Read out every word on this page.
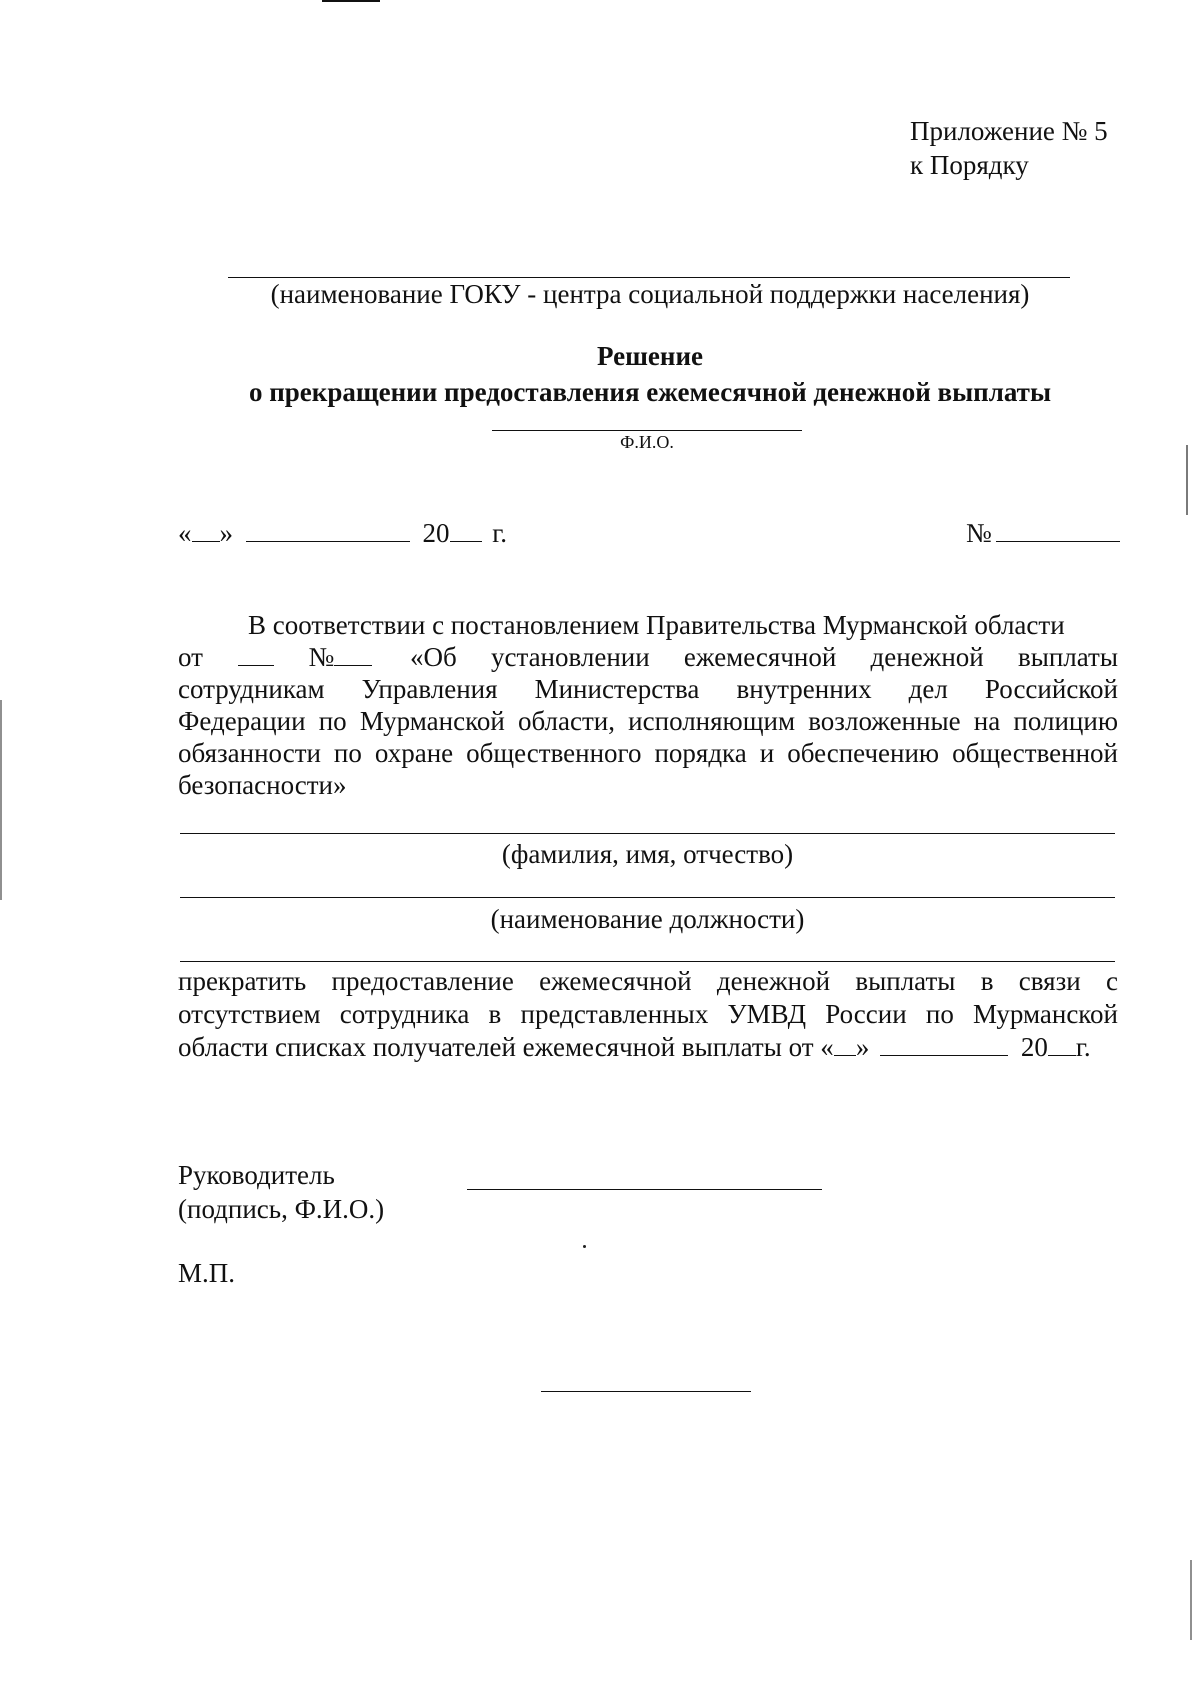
Приложение № 5
к Порядку
(наименование ГОКУ - центра социальной поддержки населения)
Решение
о прекращении предоставления ежемесячной денежной выплаты
Ф.И.О.
« »	20 г.	№
В соответствии с постановлением Правительства Мурманской области
от	№	«Об установлении ежемесячной денежной выплаты
сотрудникам Управления Министерства внутренних дел Российской
Федерации по Мурманской области, исполняющим возложенные на полицию
обязанности по охране общественного порядка и обеспечению общественной
безопасности»
(фамилия, имя, отчество)
(наименование должности)
прекратить предоставление ежемесячной денежной выплаты в связи с
отсутствием сотрудника в представленных УМВД России по Мурманской
области списках получателей ежемесячной выплаты от « »	20 г.
Руководитель
(подпись, Ф.И.О.)
М.П.
